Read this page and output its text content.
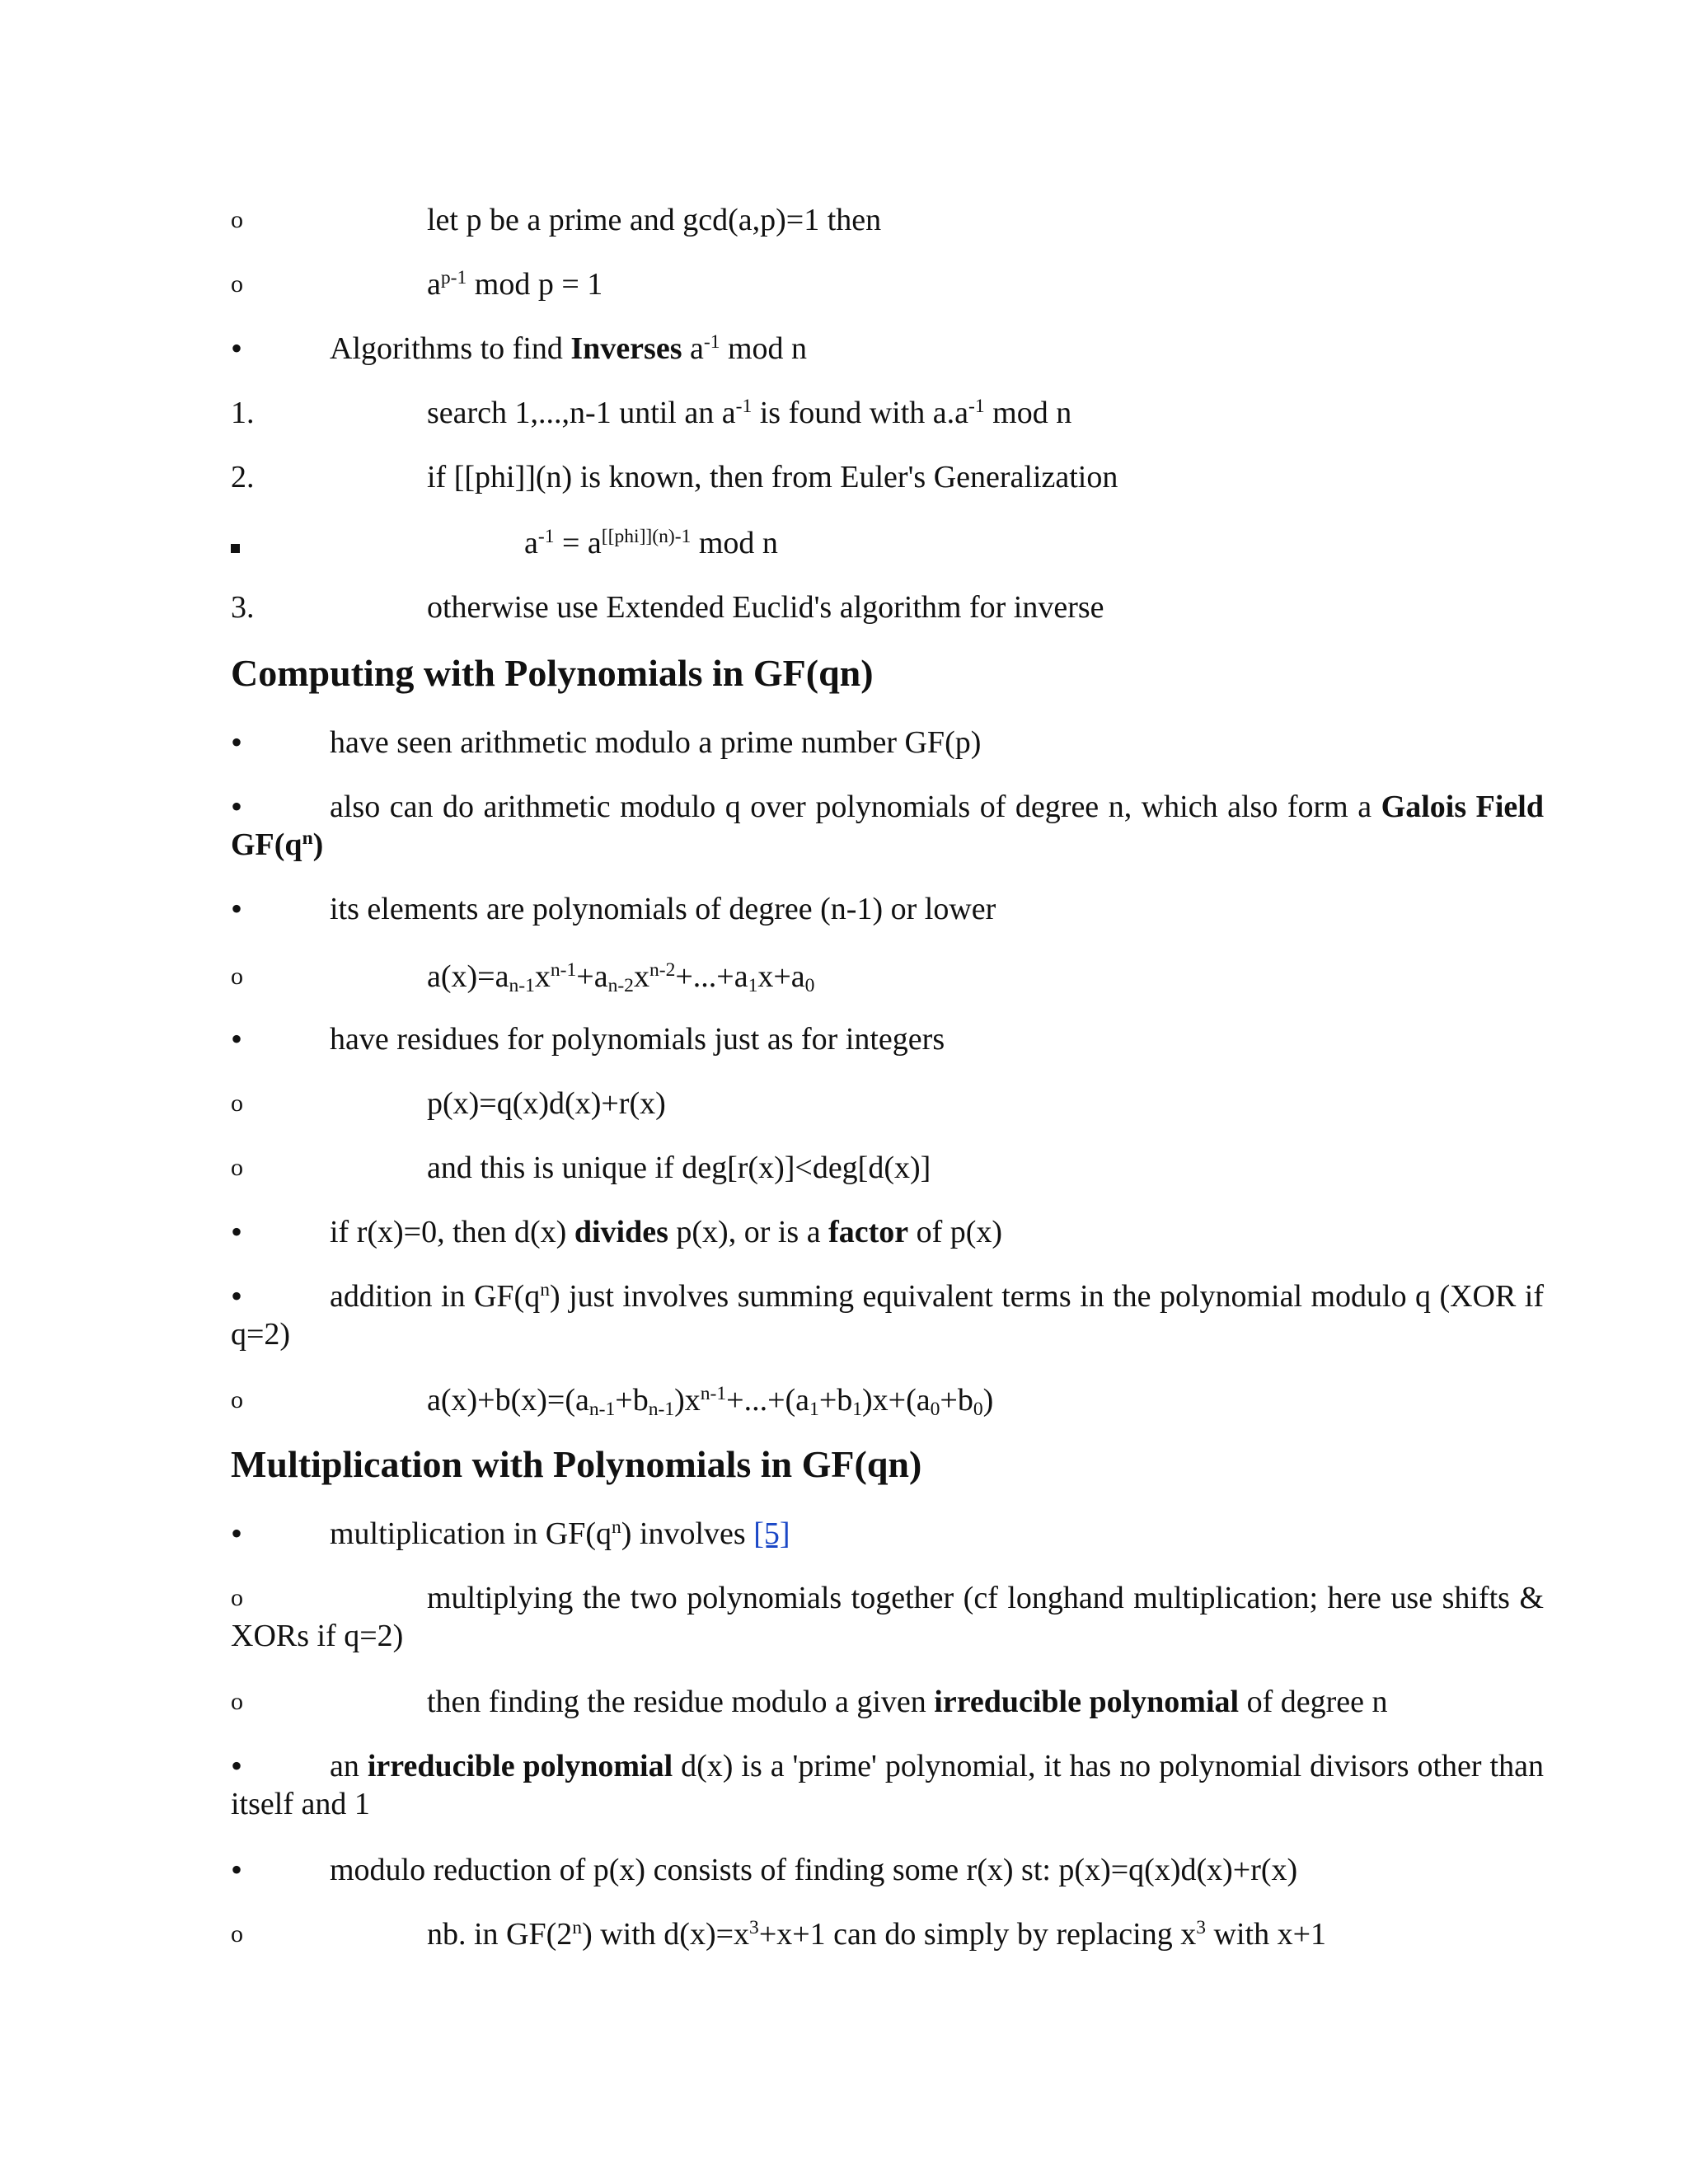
o	let p be a prime and gcd(a,p)=1 then
o	$a^{p-1}$ mod p = 1
•	Algorithms to find Inverses $a^{-1}$ mod n
1.	search 1,...,n-1 until an $a^{-1}$ is found with $a.a^{-1}$ mod n
2.	if [[phi]](n) is known, then from Euler's Generalization
$a^{-1} = a^{[[phi]](n)-1}$ mod n
3.	otherwise use Extended Euclid's algorithm for inverse
Computing with Polynomials in GF(qn)
•	have seen arithmetic modulo a prime number GF(p)
•	also can do arithmetic modulo q over polynomials of degree n, which also form a Galois Field $GF(q^n)$
•	its elements are polynomials of degree (n-1) or lower
o	$a(x)=a_{n-1}x^{n-1}+a_{n-2}x^{n-2}+...+a_1x+a_0$
•	have residues for polynomials just as for integers
o	p(x)=q(x)d(x)+r(x)
o	and this is unique if deg[r(x)]<deg[d(x)]
•	if r(x)=0, then d(x) divides p(x), or is a factor of p(x)
•	addition in $GF(q^n)$ just involves summing equivalent terms in the polynomial modulo q (XOR if q=2)
o	$a(x)+b(x)=(a_{n-1}+b_{n-1})x^{n-1}+...+(a_1+b_1)x+(a_0+b_0)$
Multiplication with Polynomials in GF(qn)
•	multiplication in $GF(q^n)$ involves [5]
o	multiplying the two polynomials together (cf longhand multiplication; here use shifts & XORs if q=2)
o	then finding the residue modulo a given irreducible polynomial of degree n
•	an irreducible polynomial d(x) is a 'prime' polynomial, it has no polynomial divisors other than itself and 1
•	modulo reduction of p(x) consists of finding some r(x) st: p(x)=q(x)d(x)+r(x)
o	nb. in GF(2$^n$) with $d(x)=x^3+x+1$ can do simply by replacing $x^3$ with x+1
